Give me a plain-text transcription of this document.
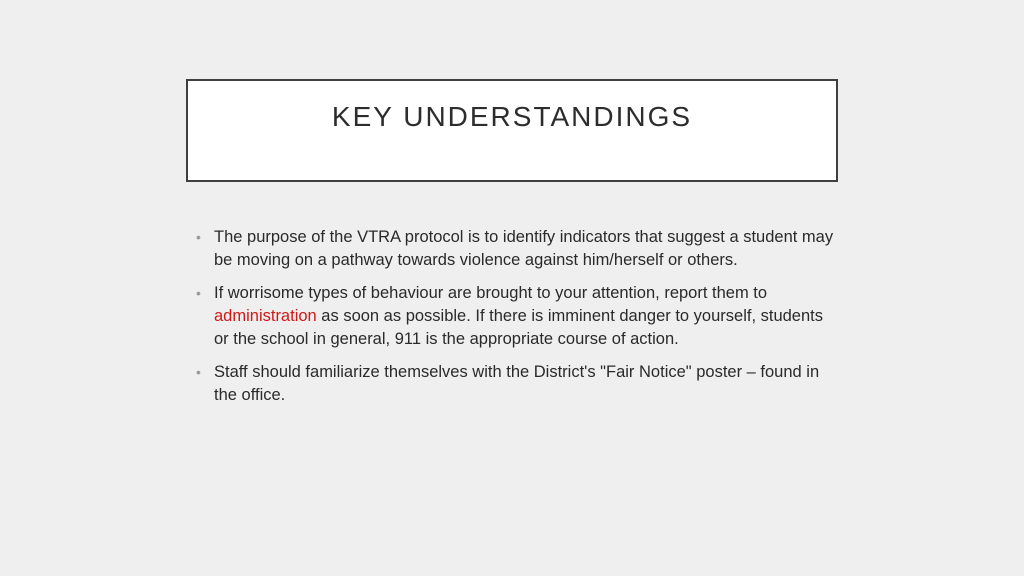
KEY UNDERSTANDINGS
• The purpose of the VTRA protocol is to identify indicators that suggest a student may be moving on a pathway towards violence against him/herself or others.
• If worrisome types of behaviour are brought to your attention, report them to administration as soon as possible. If there is imminent danger to yourself, students or the school in general, 911 is the appropriate course of action.
• Staff should familiarize themselves with the District's "Fair Notice" poster – found in the office.
